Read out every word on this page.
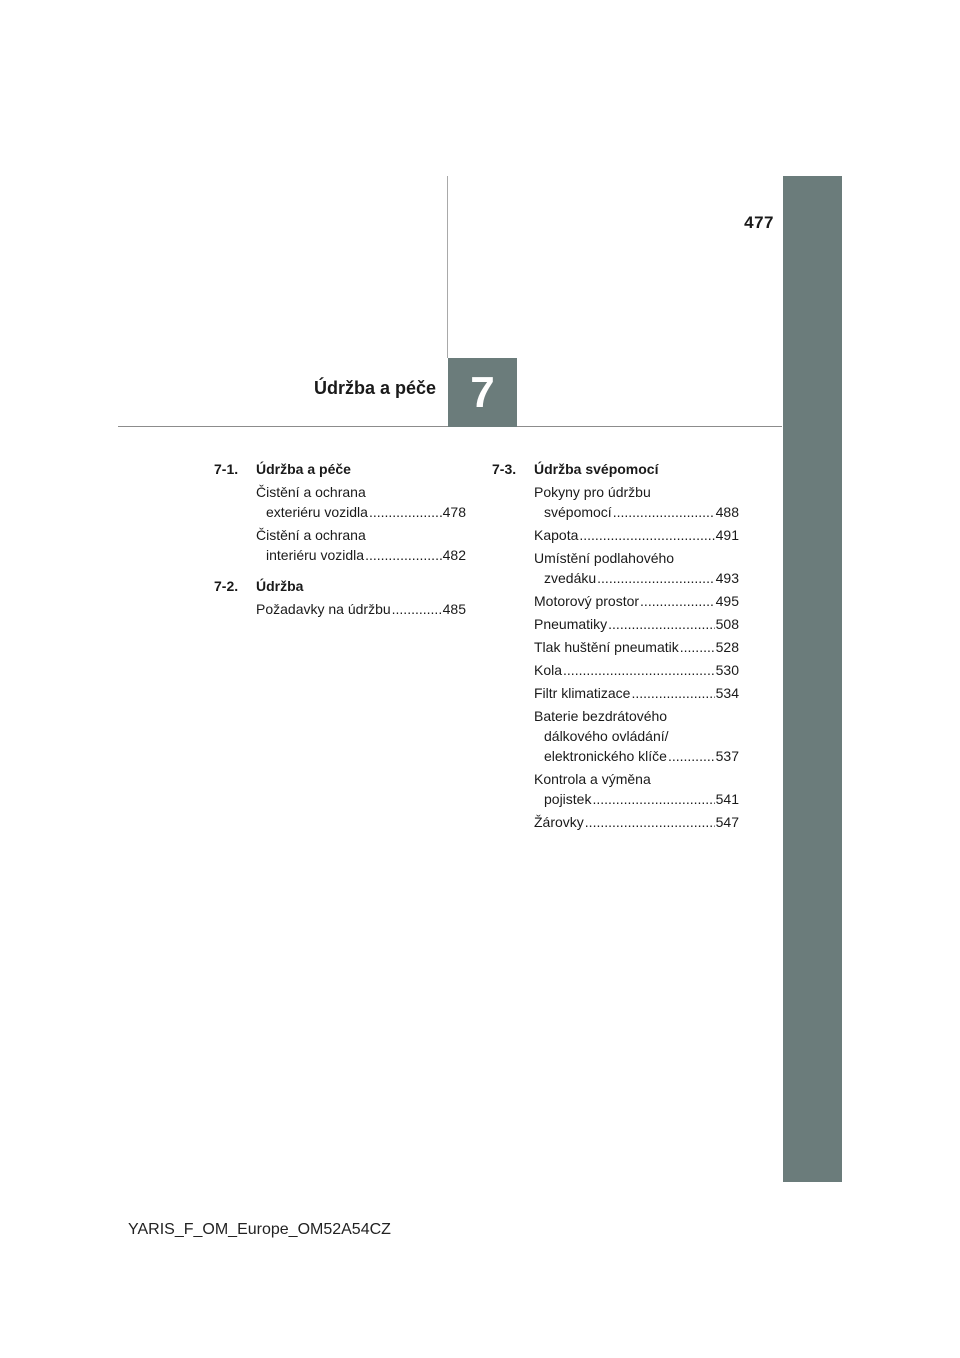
477
7
Údržba a péče
7-1.	Údržba a péče
Čistění a ochrana
exteriéru vozidla .....	478
Čistění a ochrana
interiéru vozidla .....	482
7-2.	Údržba
Požadavky na údržbu .....	485
7-3.	Údržba svépomocí
Pokyny pro údržbu
svépomocí .....	488
Kapota .....	491
Umístění podlahového
zvedáku .....	493
Motorový prostor .....	495
Pneumatiky .....	508
Tlak huštění pneumatik .....	528
Kola .....	530
Filtr klimatizace .....	534
Baterie bezdrátového
dálkového ovládání/
elektronického klíče .....	537
Kontrola a výměna
pojistek .....	541
Žárovky .....	547
YARIS_F_OM_Europe_OM52A54CZ
